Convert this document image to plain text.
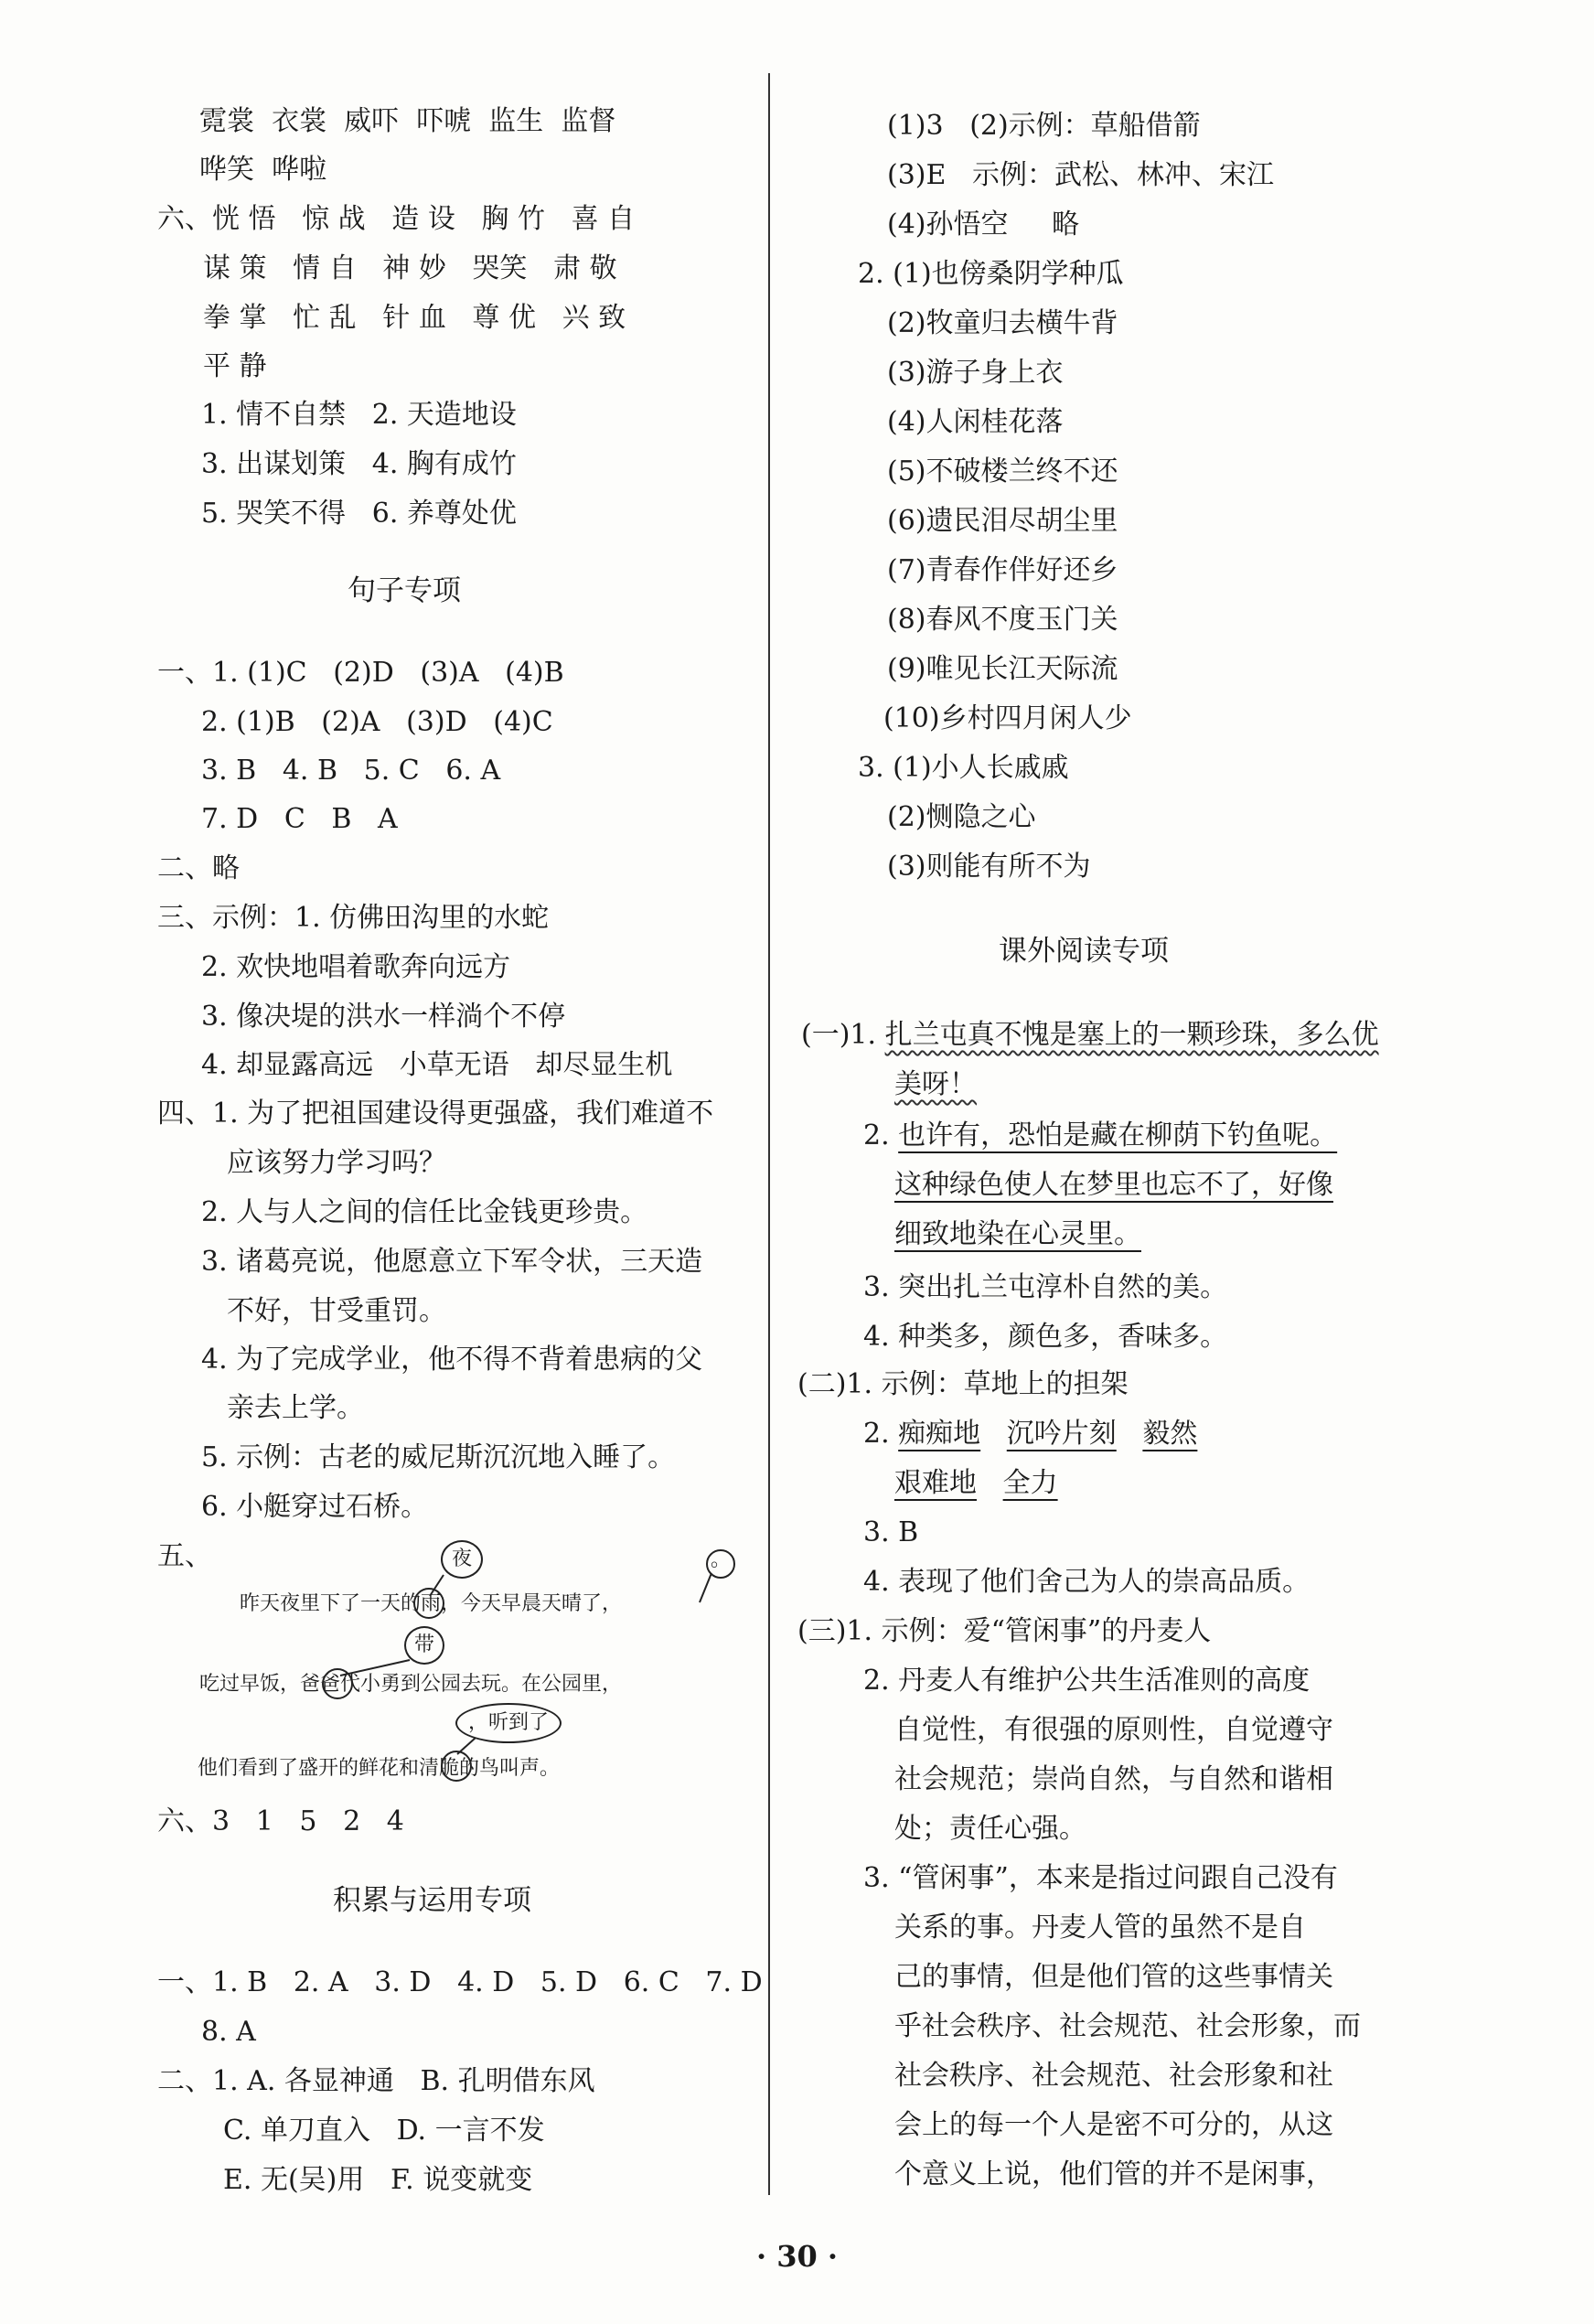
霓裳  衣裳  威吓  吓唬  监生  监督
哗笑  哗啦
六、恍 悟   惊 战   造 设   胸 竹   喜 自
谋 策   情 自   神 妙   哭笑   肃 敬
拳 掌   忙 乱   针 血   尊 优   兴 致
平 静
1. 情不自禁   2. 天造地设
3. 出谋划策   4. 胸有成竹
5. 哭笑不得   6. 养尊处优
句子专项
一、1. (1)C   (2)D   (3)A   (4)B
2. (1)B   (2)A   (3)D   (4)C
3. B   4. B   5. C   6. A
7. D   C   B   A
二、略
三、示例：1. 仿佛田沟里的水蛇
2. 欢快地唱着歌奔向远方
3. 像决堤的洪水一样淌个不停
4. 却显露高远   小草无语   却尽显生机
四、1. 为了把祖国建设得更强盛，我们难道不
应该努力学习吗？
2. 人与人之间的信任比金钱更珍贵。
3. 诸葛亮说，他愿意立下军令状，三天造
不好，甘受重罚。
4. 为了完成学业，他不得不背着患病的父
亲去上学。
5. 示例：古老的威尼斯沉沉地入睡了。
6. 小艇穿过石桥。
五、
昨天夜里下了一天的雨，今天早晨天晴了，
吃过早饭，爸爸代小勇到公园去玩。在公园里，
他们看到了盛开的鲜花和清脆的鸟叫声。
夜	。
带
，听到了
六、3   1   5   2   4
积累与运用专项
一、1. B   2. A   3. D   4. D   5. D   6. C   7. D
8. A
二、1. A. 各显神通   B. 孔明借东风
C. 单刀直入   D. 一言不发
E. 无(吴)用   F. 说变就变
(1)3   (2)示例：草船借箭
(3)E   示例：武松、林冲、宋江
(4)孙悟空     略
2. (1)也傍桑阴学种瓜
(2)牧童归去横牛背
(3)游子身上衣
(4)人闲桂花落
(5)不破楼兰终不还
(6)遗民泪尽胡尘里
(7)青春作伴好还乡
(8)春风不度玉门关
(9)唯见长江天际流
(10)乡村四月闲人少
3. (1)小人长戚戚
(2)恻隐之心
(3)则能有所不为
课外阅读专项
(一)1. 扎兰屯真不愧是塞上的一颗珍珠，多么优
美呀！
2. 也许有，恐怕是藏在柳荫下钓鱼呢。
这种绿色使人在梦里也忘不了，好像
细致地染在心灵里。
3. 突出扎兰屯淳朴自然的美。
4. 种类多，颜色多，香味多。
(二)1. 示例：草地上的担架
2. 痴痴地 沉吟片刻 毅然
艰难地 全力
3. B
4. 表现了他们舍己为人的崇高品质。
(三)1. 示例：爱“管闲事”的丹麦人
2. 丹麦人有维护公共生活准则的高度
自觉性，有很强的原则性，自觉遵守
社会规范；崇尚自然，与自然和谐相
处；责任心强。
3. “管闲事”，本来是指过问跟自己没有
关系的事。丹麦人管的虽然不是自
己的事情，但是他们管的这些事情关
乎社会秩序、社会规范、社会形象，而
社会秩序、社会规范、社会形象和社
会上的每一个人是密不可分的，从这
个意义上说，他们管的并不是闲事，
· 30 ·
